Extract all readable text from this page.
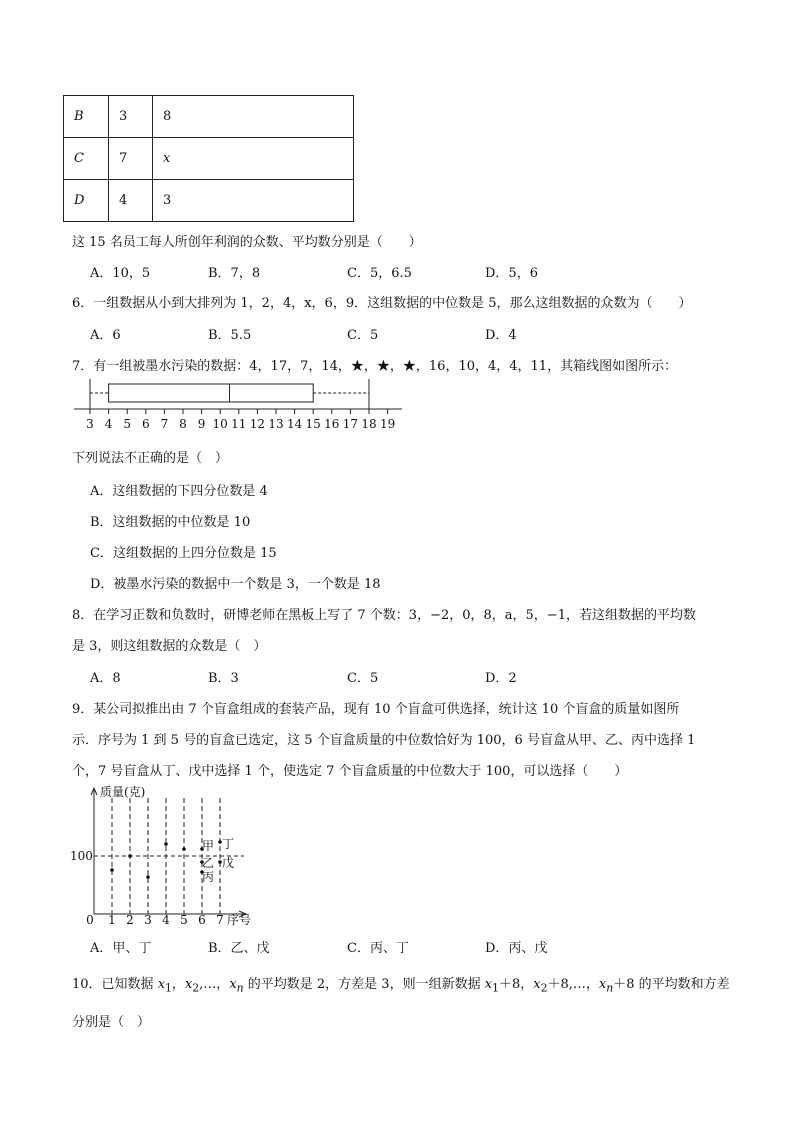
B	3	8
C	7	x
D	4	3
这 15 名员工每人所创年利润的众数、平均数分别是（　　）
A．10，5	B．7，8	C．5，6.5	D．5，6
6．一组数据从小到大排列为 1，2，4，x，6，9．这组数据的中位数是 5，那么这组数据的众数为（　　）
A．6	B．5.5	C．5	D．4
7．有一组被墨水污染的数据：4，17，7，14，★，★，★，16，10，4，4，11，其箱线图如图所示：
3 4 5 6 7 8 9 10 11 12 13 14 15 16 17 18 19
下列说法不正确的是（　）
A．这组数据的下四分位数是 4
B．这组数据的中位数是 10
C．这组数据的上四分位数是 15
D．被墨水污染的数据中一个数是 3，一个数是 18
8．在学习正数和负数时，研博老师在黑板上写了 7 个数：3，−2，0，8，a，5，−1，若这组数据的平均数
是 3，则这组数据的众数是（　）
A．8	B．3	C．5	D．2
9．某公司拟推出由 7 个盲盒组成的套装产品，现有 10 个盲盒可供选择，统计这 10 个盲盒的质量如图所
示．序号为 1 到 5 号的盲盒已选定，这 5 个盲盒质量的中位数恰好为 100，6 号盲盒从甲、乙、丙中选择 1
个，7 号盲盒从丁、戊中选择 1 个，使选定 7 个盲盒质量的中位数大于 100，可以选择（　　）
质量(克)
序号
100
0 1 2 3 4 5 6 7
甲
乙
丙
丁
戊
A．甲、丁	B．乙、戊	C．丙、丁	D．丙、戊
10．已知数据 $x_1$，$x_2,\dots$，$x_n$ 的平均数是 2，方差是 3，则一组新数据 $x_1+8$，$x_2+8,\dots$，$x_n+8$ 的平均数和方差
分别是（　）
